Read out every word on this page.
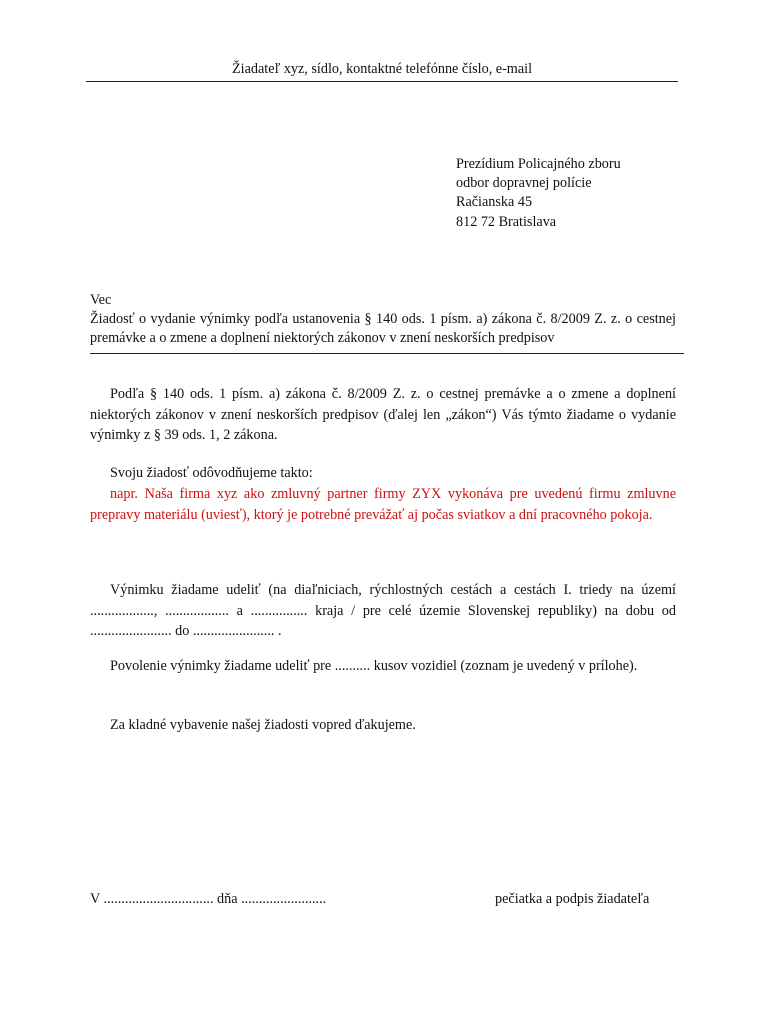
Žiadateľ xyz, sídlo, kontaktné telefónne číslo, e-mail
Prezídium Policajného zboru
odbor dopravnej polície
Račianska 45
812 72 Bratislava
Vec
Žiadosť o vydanie výnimky podľa ustanovenia § 140 ods. 1 písm. a) zákona č. 8/2009 Z. z. o cestnej premávke a o zmene a doplnení niektorých zákonov v znení neskorších predpisov
Podľa § 140 ods. 1 písm. a) zákona č. 8/2009 Z. z. o cestnej premávke a o zmene a doplnení niektorých zákonov v znení neskorších predpisov (ďalej len „zákon“) Vás týmto žiadame o vydanie výnimky z § 39 ods. 1, 2 zákona.
Svoju žiadosť odôvodňujeme takto:
napr. Naša firma xyz ako zmluvný partner firmy ZYX vykonáva pre uvedenú firmu zmluvne prepravy materiálu (uviesť), ktorý je potrebné prevážať aj počas sviatkov a dní pracovného pokoja.
Výnimku žiadame udeliť (na diaľniciach, rýchlostných cestách a cestách I. triedy na území .................., .................. a ................ kraja / pre celé územie Slovenskej republiky) na dobu od ....................... do ....................... .
Povolenie výnimky žiadame udeliť pre .......... kusov vozidiel (zoznam je uvedený v prílohe).
Za kladné vybavenie našej žiadosti vopred ďakujeme.
V ............................... dňa ........................	pečiatka a podpis žiadateľa
